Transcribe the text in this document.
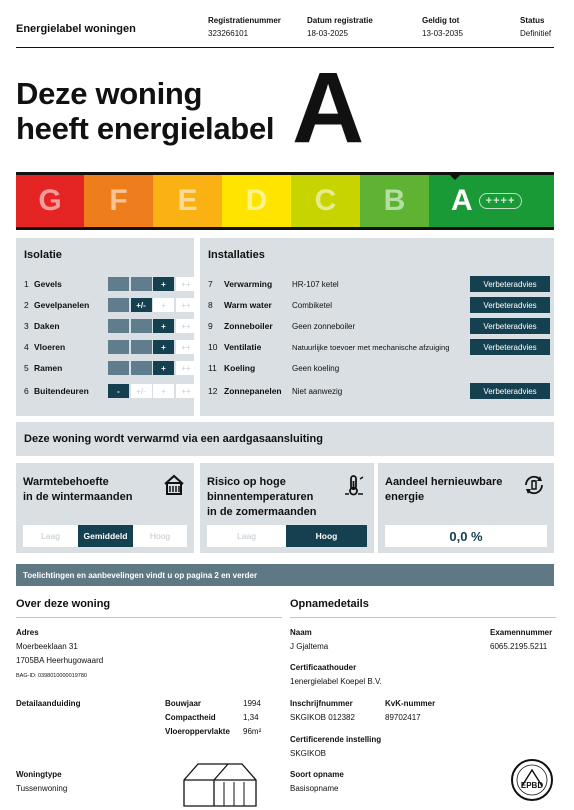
Energielabel woningen
Registratienummer
323266101
Datum registratie
18-03-2025
Geldig tot
13-03-2035
Status
Definitief
Deze woning
heeft energielabel A
G F E D C B A	++++
Isolatie
1 Gevels	+	++
2 Gevelpanelen	+/-	+	++
3 Daken	+	++
4 Vloeren	+	++
5 Ramen	+	++
6 Buitendeuren	-	+/-	+	++
Installaties
7	Verwarming	HR-107 ketel	Verbeteradvies
8	Warm water	Combiketel	Verbeteradvies
9	Zonneboiler	Geen zonneboiler	Verbeteradvies
10 Ventilatie	Natuurlijke toevoer met mechanische afzuiging	Verbeteradvies
11 Koeling	Geen koeling
12 Zonnepanelen	Niet aanwezig	Verbeteradvies
Deze woning wordt verwarmd via een aardgasaansluiting
Warmtebehoefte
in de wintermaanden
Laag	Gemiddeld	Hoog
Risico op hoge
binnentemperaturen
in de zomermaanden
Laag	Hoog
Aandeel hernieuwbare
energie
0,0 %
Toelichtingen en aanbevelingen vindt u op pagina 2 en verder
Over deze woning
Adres
Moerbeeklaan 31
1705BA Heerhugowaard
BAG-ID: 0398010000019780
Detailaanduiding	Bouwjaar	1994
Compactheid	1,34
Vloeroppervlakte 96m²
Woningtype
Tussenwoning
Opnamedetails
Naam
J Gjaltema
Examennummer
6065.2195.5211
Certificaathouder
1energielabel Koepel B.V.
Inschrijfnummer
SKGIKOB 012382
KvK-nummer
89702417
Certificerende instelling
SKGIKOB
Soort opname
Basisopname	EPBD
